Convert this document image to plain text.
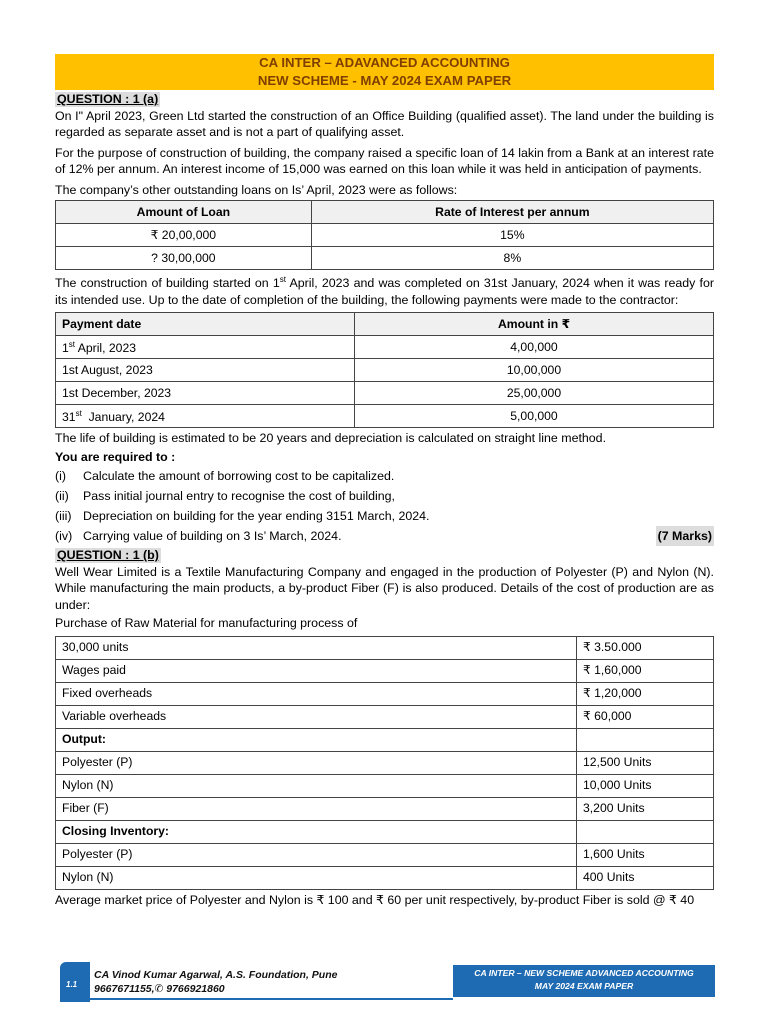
CA INTER – ADAVANCED ACCOUNTING
NEW SCHEME - MAY 2024 EXAM PAPER
QUESTION : 1 (a)

On I" April 2023, Green Ltd started the construction of an Office Building (qualified asset). The land under the building is regarded as separate asset and is not a part of qualifying asset.

For the purpose of construction of building, the company raised a specific loan of 14 lakin from a Bank at an interest rate of 12% per annum. An interest income of 15,000 was earned on this loan while it was held in anticipation of payments.

The company’s other outstanding loans on Is’ April, 2023 were as follows:

Amount of Loan	Rate of Interest per annum
₹ 20,00,000	15%
? 30,00,000	8%

The construction of building started on 1st April, 2023 and was completed on 31st January, 2024 when it was ready for its intended use. Up to the date of completion of the building, the following payments were made to the contractor:

Payment date	Amount in ₹
1st April, 2023	4,00,000
1st August, 2023	10,00,000
1st December, 2023	25,00,000
31st  January, 2024	5,00,000

The life of building is estimated to be 20 years and depreciation is calculated on straight line method.

You are required to :
(i)	Calculate the amount of borrowing cost to be capitalized.
(ii)	Pass initial journal entry to recognise the cost of building,
(iii) Depreciation on building for the year ending 3151 March, 2024.
(iv) Carrying value of building on 3 Is’ March, 2024.	(7 Marks)
QUESTION : 1 (b)

Well Wear Limited is a Textile Manufacturing Company and engaged in the production of Polyester (P) and Nylon (N). While manufacturing the main products, a by-product Fiber (F) is also produced. Details of the cost of production are as under:

Purchase of Raw Material for manufacturing process of

30,000 units	₹ 3.50.000
Wages paid	₹ 1,60,000
Fixed overheads	₹ 1,20,000
Variable overheads	₹ 60,000
Output:	
Polyester (P)	12,500 Units
Nylon (N)	10,000 Units
Fiber (F)	3,200 Units
Closing Inventory:	
Polyester (P)	1,600 Units
Nylon (N)	400 Units

Average market price of Polyester and Nylon is ₹ 100 and ₹ 60 per unit respectively, by-product Fiber is sold @ ₹ 40

1.1
CA Vinod Kumar Agarwal, A.S. Foundation, Pune
9667671155,✆ 9766921860
CA INTER – NEW SCHEME ADVANCED ACCOUNTING
MAY 2024 EXAM PAPER
